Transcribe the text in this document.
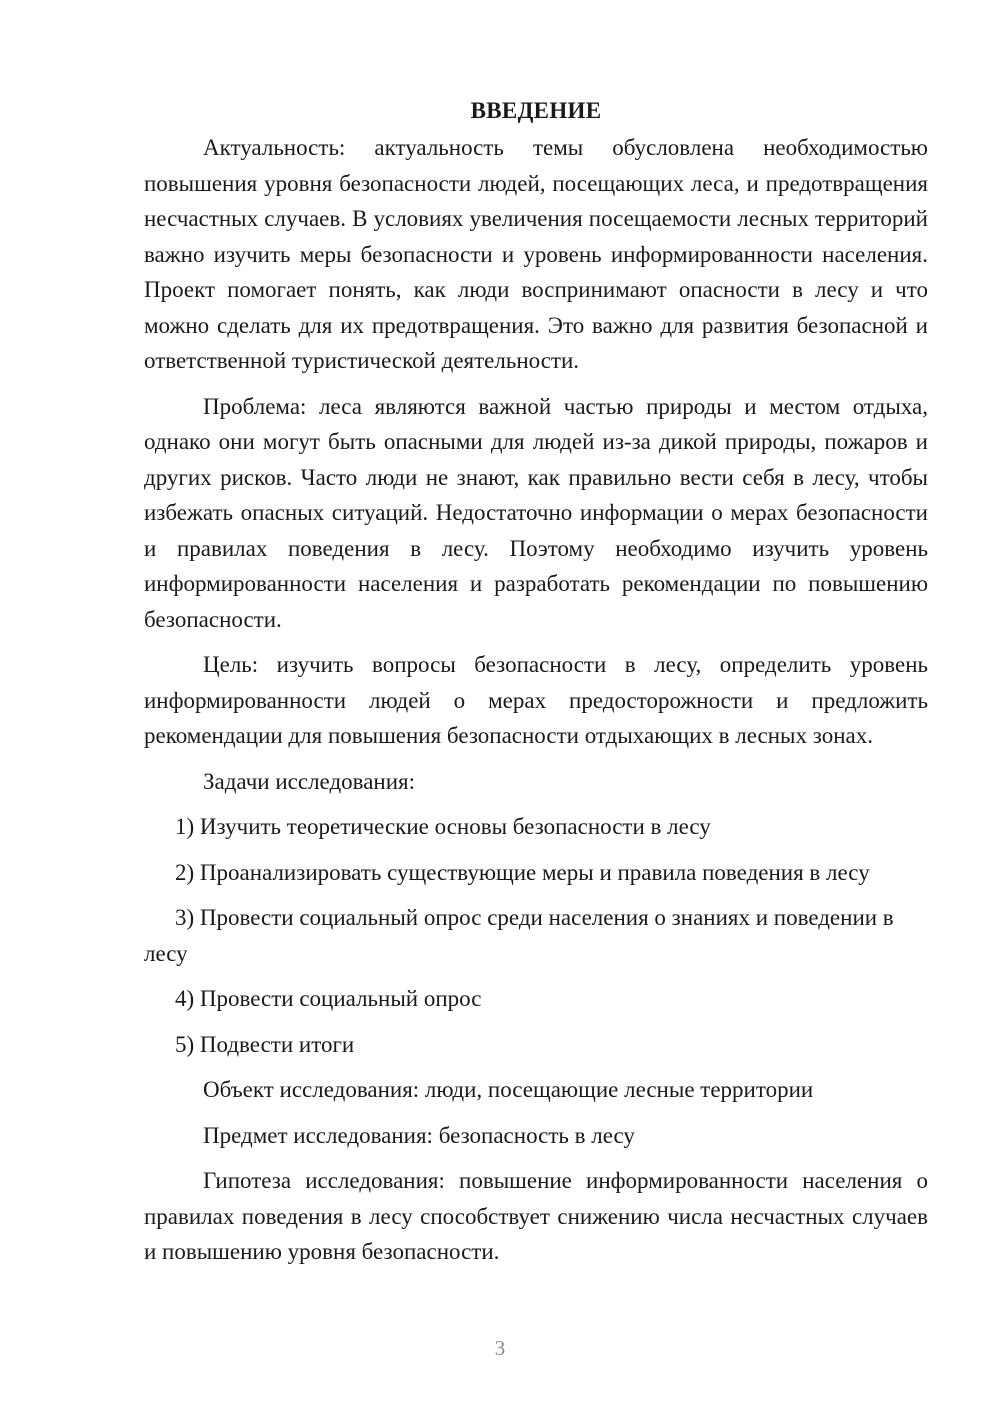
ВВЕДЕНИЕ

Актуальность: актуальность темы обусловлена необходимостью повышения уровня безопасности людей, посещающих леса, и предотвращения несчастных случаев. В условиях увеличения посещаемости лесных территорий важно изучить меры безопасности и уровень информированности населения. Проект помогает понять, как люди воспринимают опасности в лесу и что можно сделать для их предотвращения. Это важно для развития безопасной и ответственной туристической деятельности.

Проблема: леса являются важной частью природы и местом отдыха, однако они могут быть опасными для людей из-за дикой природы, пожаров и других рисков. Часто люди не знают, как правильно вести себя в лесу, чтобы избежать опасных ситуаций. Недостаточно информации о мерах безопасности и правилах поведения в лесу. Поэтому необходимо изучить уровень информированности населения и разработать рекомендации по повышению безопасности.

Цель: изучить вопросы безопасности в лесу, определить уровень информированности людей о мерах предосторожности и предложить рекомендации для повышения безопасности отдыхающих в лесных зонах.

Задачи исследования:

1) Изучить теоретические основы безопасности в лесу

2) Проанализировать существующие меры и правила поведения в лесу

3) Провести социальный опрос среди населения о знаниях и поведении в лесу

4) Провести социальный опрос

5) Подвести итоги

Объект исследования: люди, посещающие лесные территории

Предмет исследования: безопасность в лесу

Гипотеза исследования: повышение информированности населения о правилах поведения в лесу способствует снижению числа несчастных случаев и повышению уровня безопасности.

3
